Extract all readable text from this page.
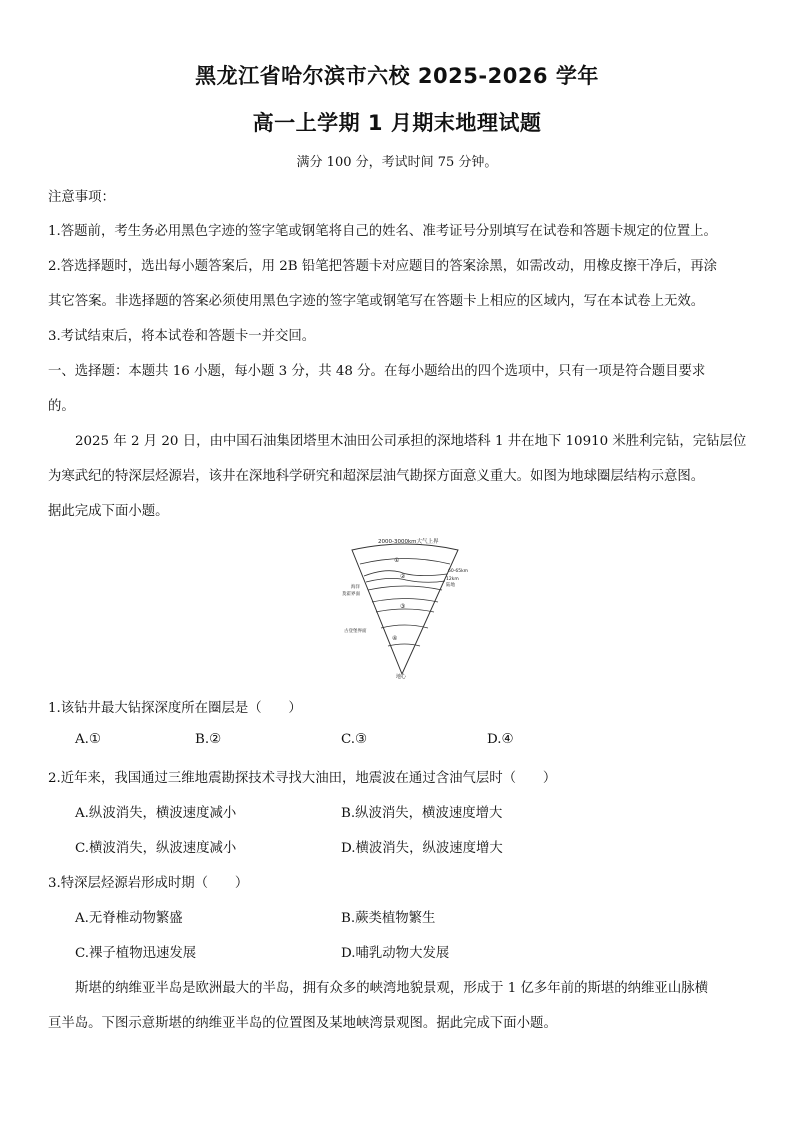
黑龙江省哈尔滨市六校 2025-2026 学年
高一上学期 1 月期末地理试题
满分 100 分，考试时间 75 分钟。
注意事项：
1.答题前，考生务必用黑色字迹的签字笔或钢笔将自己的姓名、准考证号分别填写在试卷和答题卡规定的位置上。
2.答选择题时，选出每小题答案后，用 2B 铅笔把答题卡对应题目的答案涂黑，如需改动，用橡皮擦干净后，再涂
其它答案。非选择题的答案必须使用黑色字迹的签字笔或钢笔写在答题卡上相应的区域内，写在本试卷上无效。
3.考试结束后，将本试卷和答题卡一并交回。
一、选择题：本题共 16 小题，每小题 3 分，共 48 分。在每小题给出的四个选项中，只有一项是符合题目要求
的。
2025 年 2 月 20 日，由中国石油集团塔里木油田公司承担的深地塔科 1 井在地下 10910 米胜利完钻，完钻层位
为寒武纪的特深层烃源岩，该井在深地科学研究和超深层油气勘探方面意义重大。如图为地球圈层结构示意图。
据此完成下面小题。
2000-3000km大气上界
①
②
③
④
60-65km
12km
陆地
海洋
莫霍界面
古登堡界面
地心
1.该钻井最大钻探深度所在圈层是（　　）
A.①	B.②	C.③	D.④
2.近年来，我国通过三维地震勘探技术寻找大油田，地震波在通过含油气层时（　　）
A.纵波消失，横波速度减小	B.纵波消失，横波速度增大
C.横波消失，纵波速度减小	D.横波消失，纵波速度增大
3.特深层烃源岩形成时期（　　）
A.无脊椎动物繁盛	B.蕨类植物繁生
C.裸子植物迅速发展	D.哺乳动物大发展
斯堪的纳维亚半岛是欧洲最大的半岛，拥有众多的峡湾地貌景观，形成于 1 亿多年前的斯堪的纳维亚山脉横
亘半岛。下图示意斯堪的纳维亚半岛的位置图及某地峡湾景观图。据此完成下面小题。
